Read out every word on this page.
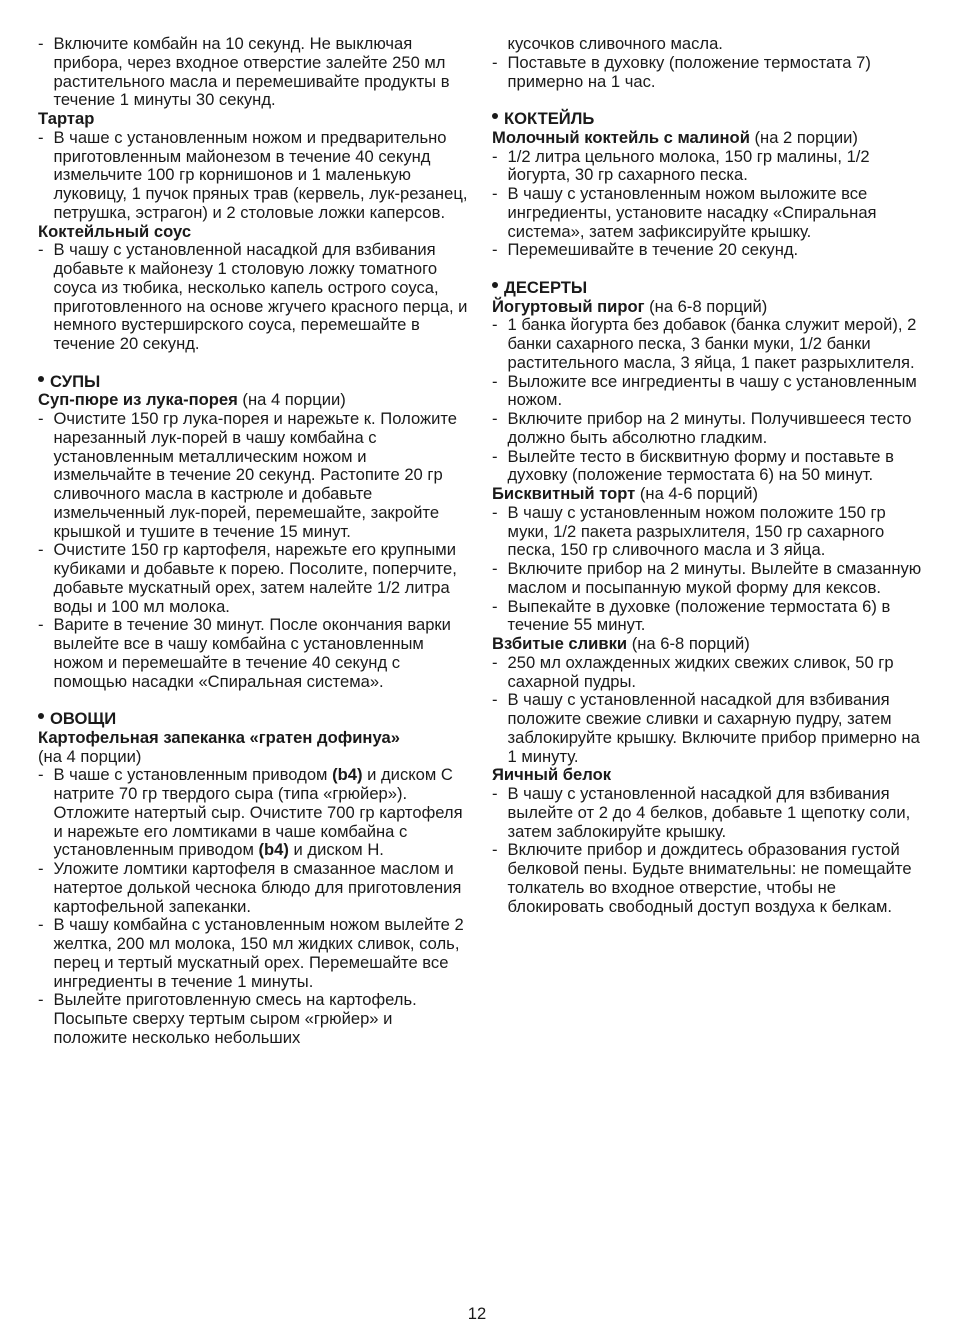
- Включите комбайн на 10 секунд. Не выключая прибора, через входное отверстие залейте 250 мл растительного масла и перемешивайте продукты в течение 1 минуты 30 секунд.
Тартар
- В чаше с установленным ножом и предварительно приготовленным майонезом в течение 40 секунд измельчите 100 гр корнишонов и 1 маленькую луковицу, 1 пучок пряных трав (кервель, лук-резанец, петрушка, эстрагон) и 2 столовые ложки каперсов.
Коктейльный соус
- В чашу с установленной насадкой для взбивания добавьте к майонезу 1 столовую ложку томатного соуса из тюбика, несколько капель острого соуса, приготовленного на основе жгучего красного перца, и немного вустерширского соуса, перемешайте в течение 20 секунд.
СУПЫ
Суп-пюре из лука-порея (на 4 порции)
- Очистите 150 гр лука-порея и нарежьте к. Положите нарезанный лук-порей в чашу комбайна с установленным металлическим ножом и измельчайте в течение 20 секунд. Растопите 20 гр сливочного масла в кастрюле и добавьте измельченный лук-порей, перемешайте, закройте крышкой и тушите в течение 15 минут.
- Очистите 150 гр картофеля, нарежьте его крупными кубиками и добавьте к порею. Посолите, поперчите, добавьте мускатный орех, затем налейте 1/2 литра воды и 100 мл молока.
- Варите в течение 30 минут. После окончания варки вылейте все в чашу комбайна с установленным ножом и перемешайте в течение 40 секунд с помощью насадки «Спиральная система».
ОВОЩИ
Картофельная запеканка «гратен дофинуа»
(на 4 порции)
- В чаше с установленным приводом (b4) и диском С натрите 70 гр твердого сыра (типа «грюйер»). Отложите натертый сыр. Очистите 700 гр картофеля и нарежьте его ломтиками в чаше комбайна с установленным приводом (b4) и диском Н.
- Уложите ломтики картофеля в смазанное маслом и натертое долькой чеснока блюдо для приготовления картофельной запеканки.
- В чашу комбайна с установленным ножом вылейте 2 желтка, 200 мл молока, 150 мл жидких сливок, соль, перец и тертый мускатный орех. Перемешайте все ингредиенты в течение 1 минуты.
- Вылейте приготовленную смесь на картофель. Посыпьте сверху тертым сыром «грюйер» и положите несколько небольших
кусочков сливочного масла.
- Поставьте в духовку (положение термостата 7) примерно на 1 час.
КОКТЕЙЛЬ
Молочный коктейль с малиной (на 2 порции)
- 1/2 литра цельного молока, 150 гр малины, 1/2 йогурта, 30 гр сахарного песка.
- В чашу с установленным ножом выложите все ингредиенты, установите насадку «Спиральная система», затем зафиксируйте крышку.
- Перемешивайте в течение 20 секунд.
ДЕСЕРТЫ
Йогуртовый пирог (на 6-8 порций)
- 1 банка йогурта без добавок (банка служит мерой), 2 банки сахарного песка, 3 банки муки, 1/2 банки растительного масла, 3 яйца, 1 пакет разрыхлителя.
- Выложите все ингредиенты в чашу с установленным ножом.
- Включите прибор на 2 минуты. Получившееся тесто должно быть абсолютно гладким.
- Вылейте тесто в бисквитную форму и поставьте в духовку (положение термостата 6) на 50 минут.
Бисквитный торт (на 4-6 порций)
- В чашу с установленным ножом положите 150 гр муки, 1/2 пакета разрыхлителя, 150 гр сахарного песка, 150 гр сливочного масла и 3 яйца.
- Включите прибор на 2 минуты. Вылейте в смазанную маслом и посыпанную мукой форму для кексов.
- Выпекайте в духовке (положение термостата 6) в течение 55 минут.
Взбитые сливки (на 6-8 порций)
- 250 мл охлажденных жидких свежих сливок, 50 гр сахарной пудры.
- В чашу с установленной насадкой для взбивания положите свежие сливки и сахарную пудру, затем заблокируйте крышку. Включите прибор примерно на 1 минуту.
Яичный белок
- В чашу с установленной насадкой для взбивания вылейте от 2 до 4 белков, добавьте 1 щепотку соли, затем заблокируйте крышку.
- Включите прибор и дождитесь образования густой белковой пены. Будьте внимательны: не помещайте толкатель во входное отверстие, чтобы не блокировать свободный доступ воздуха к белкам.
12
